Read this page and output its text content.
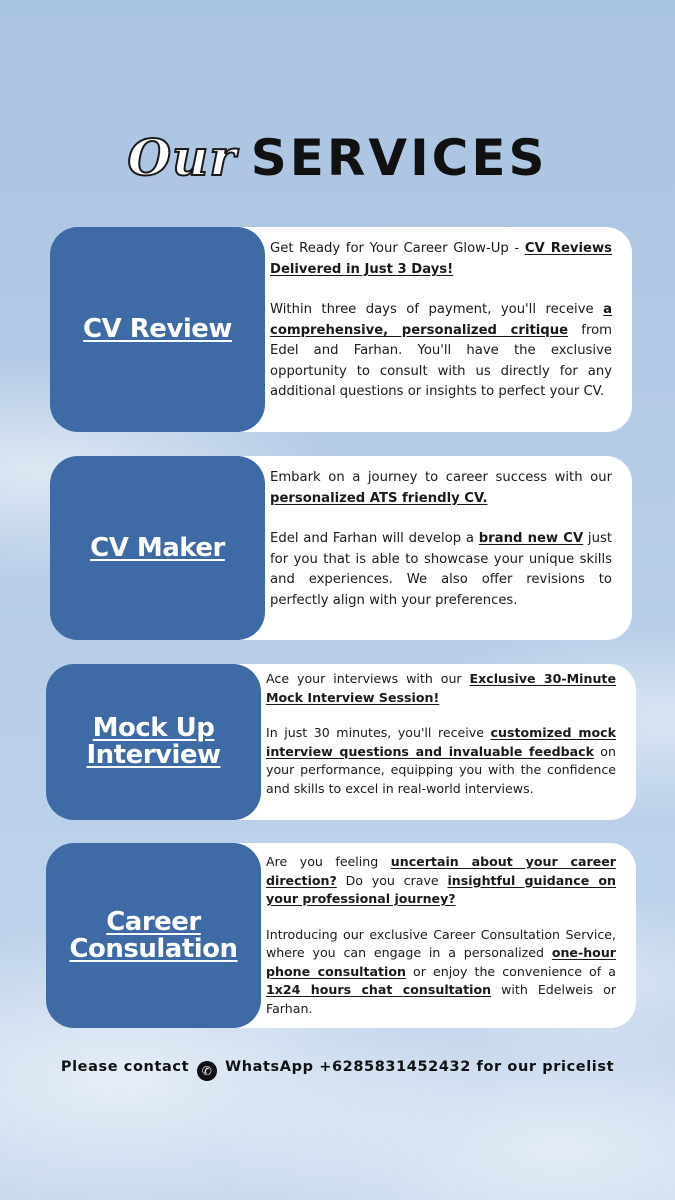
Our SERVICES
CV Review

Get Ready for Your Career Glow-Up - CV Reviews Delivered in Just 3 Days!

Within three days of payment, you'll receive a comprehensive, personalized critique from Edel and Farhan. You'll have the exclusive opportunity to consult with us directly for any additional questions or insights to perfect your CV.

CV Maker

Embark on a journey to career success with our personalized ATS friendly CV.

Edel and Farhan will develop a brand new CV just for you that is able to showcase your unique skills and experiences. We also offer revisions to perfectly align with your preferences.

Mock Up Interview

Ace your interviews with our Exclusive 30-Minute Mock Interview Session!

In just 30 minutes, you'll receive customized mock interview questions and invaluable feedback on your performance, equipping you with the confidence and skills to excel in real-world interviews.

Career Consulation

Are you feeling uncertain about your career direction? Do you crave insightful guidance on your professional journey?

Introducing our exclusive Career Consultation Service, where you can engage in a personalized one-hour phone consultation or enjoy the convenience of a 1x24 hours chat consultation with Edelweis or Farhan.

Please contact ✆ WhatsApp +6285831452432 for our pricelist
